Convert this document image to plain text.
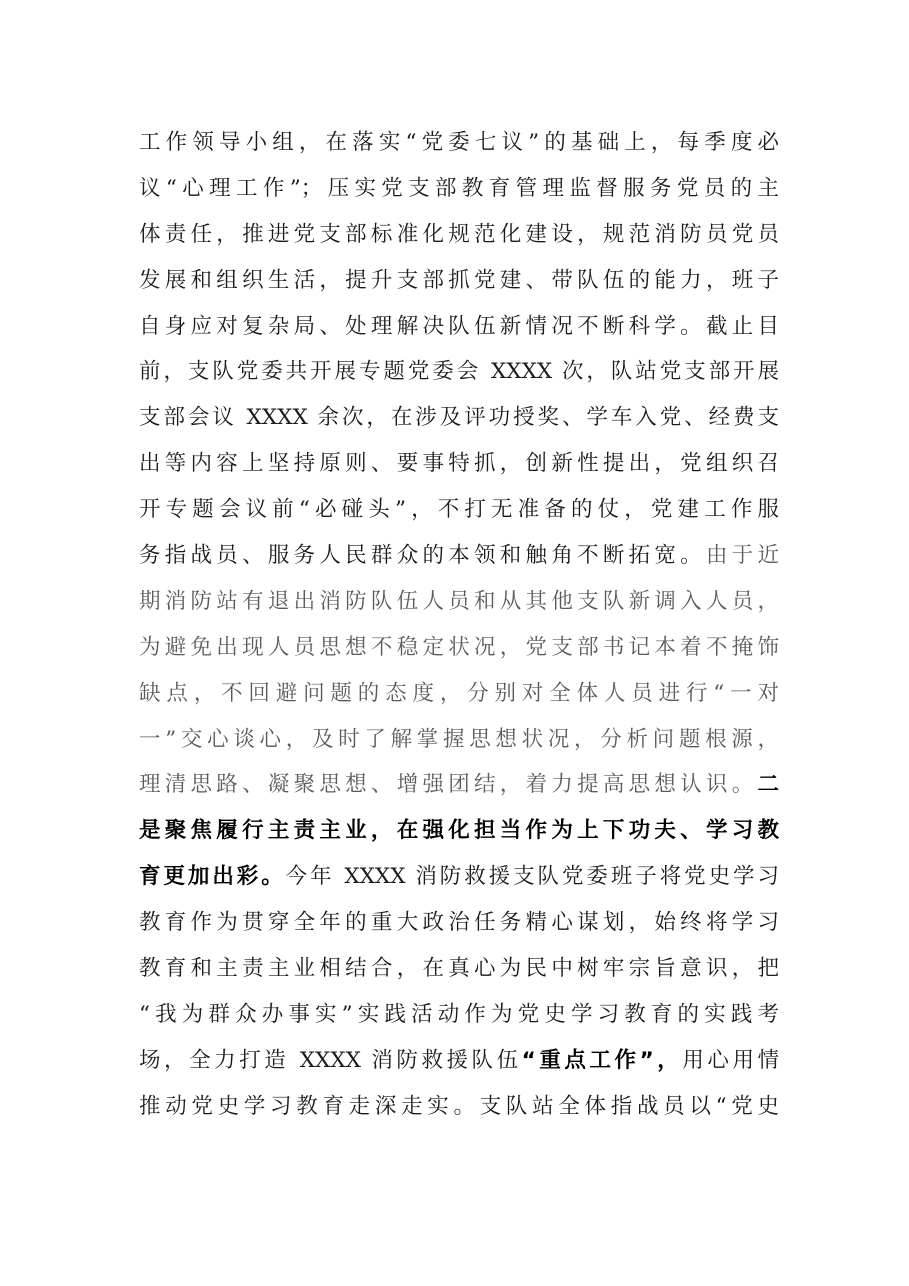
工作领导小组，在落实“党委七议”的基础上，每季度必
议“心理工作”；压实党支部教育管理监督服务党员的主
体责任，推进党支部标准化规范化建设，规范消防员党员
发展和组织生活，提升支部抓党建、带队伍的能力，班子
自身应对复杂局、处理解决队伍新情况不断科学。截止目
前，支队党委共开展专题党委会 XXXX 次，队站党支部开展
支部会议 XXXX 余次，在涉及评功授奖、学车入党、经费支
出等内容上坚持原则、要事特抓，创新性提出，党组织召
开专题会议前“必碰头”，不打无准备的仗，党建工作服
务指战员、服务人民群众的本领和触角不断拓宽。由于近
期消防站有退出消防队伍人员和从其他支队新调入人员，
为避免出现人员思想不稳定状况，党支部书记本着不掩饰
缺点，不回避问题的态度，分别对全体人员进行“一对
一”交心谈心，及时了解掌握思想状况，分析问题根源，
理清思路、凝聚思想、增强团结，着力提高思想认识。二
是聚焦履行主责主业，在强化担当作为上下功夫、学习教
育更加出彩。今年 XXXX 消防救援支队党委班子将党史学习
教育作为贯穿全年的重大政治任务精心谋划，始终将学习
教育和主责主业相结合，在真心为民中树牢宗旨意识，把
“我为群众办事实”实践活动作为党史学习教育的实践考
场，全力打造 XXXX 消防救援队伍“重点工作”，用心用情
推动党史学习教育走深走实。支队站全体指战员以“党史
